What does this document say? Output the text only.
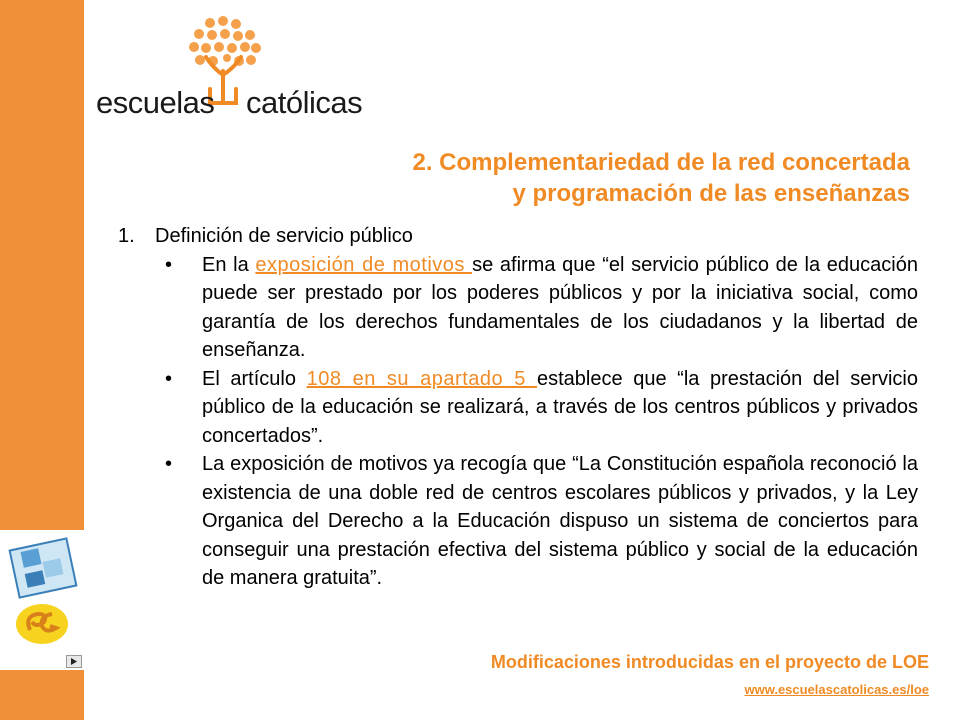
escuelas católicas
2. Complementariedad de la red concertada
y programación de las enseñanzas
1.	Definición de servicio público
• En la exposición de motivos se afirma que “el servicio público de la educación puede ser prestado por los poderes públicos y por la iniciativa social, como garantía de los derechos fundamentales de los ciudadanos y la libertad de enseñanza.
• El artículo 108 en su apartado 5 establece que “la prestación del servicio público de la educación se realizará, a través de los centros públicos y privados concertados”.
• La exposición de motivos ya recogía que “La Constitución española reconoció la existencia de una doble red de centros escolares públicos y privados, y la Ley Organica del Derecho a la Educación dispuso un sistema de conciertos para conseguir una prestación efectiva del sistema público y social de la educación de manera gratuita”.
Modificaciones introducidas en el proyecto de LOE
www.escuelascatolicas.es/loe
